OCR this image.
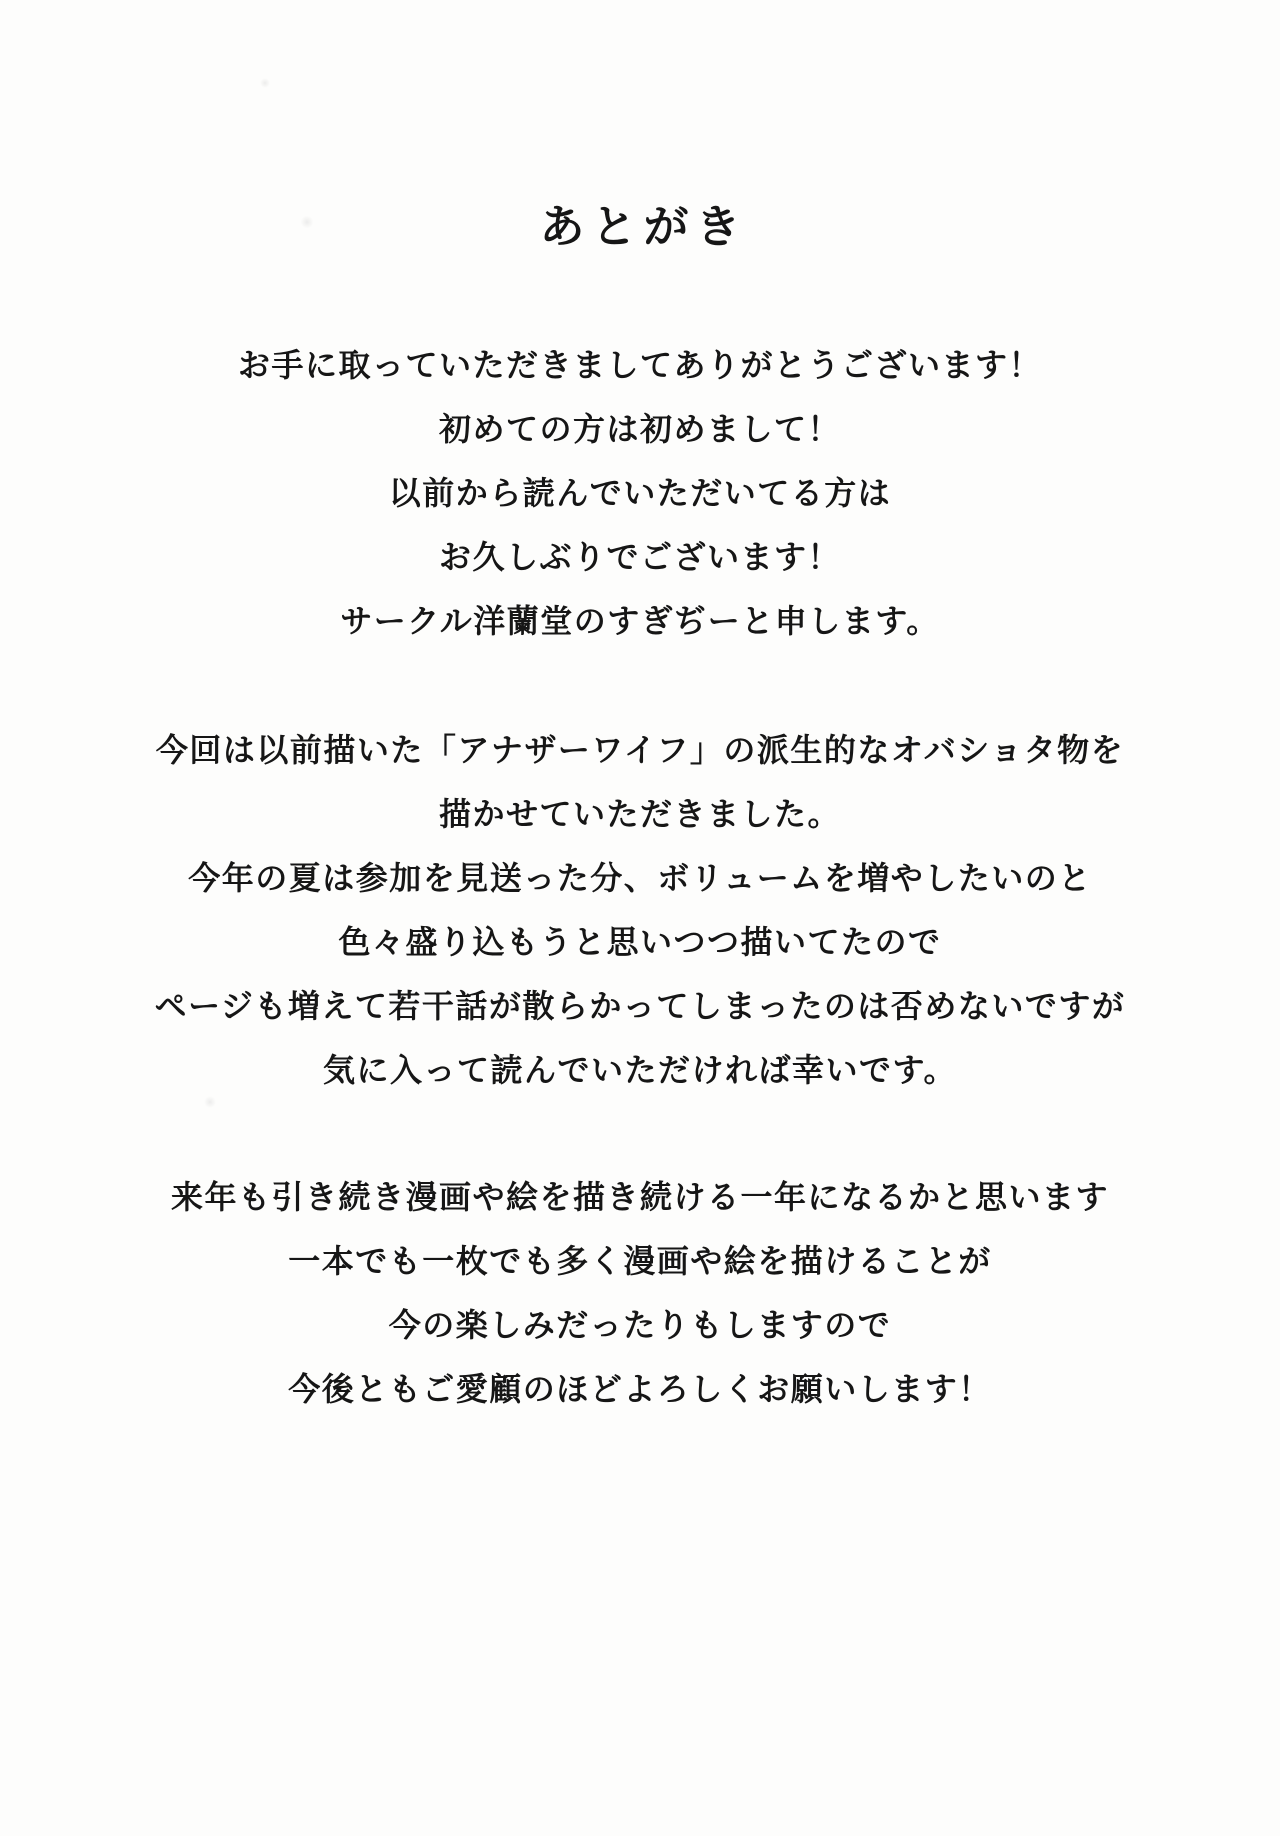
あとがき

お手に取っていただきましてありがとうございます！

初めての方は初めまして！

以前から読んでいただいてる方は

お久しぶりでございます！

サークル洋蘭堂のすぎぢーと申します。

今回は以前描いた「アナザーワイフ」の派生的なオバショタ物を

描かせていただきました。

今年の夏は参加を見送った分、ボリュームを増やしたいのと

色々盛り込もうと思いつつ描いてたので

ページも増えて若干話が散らかってしまったのは否めないですが

気に入って読んでいただければ幸いです。

来年も引き続き漫画や絵を描き続ける一年になるかと思います

一本でも一枚でも多く漫画や絵を描けることが

今の楽しみだったりもしますので

今後ともご愛顧のほどよろしくお願いします！
